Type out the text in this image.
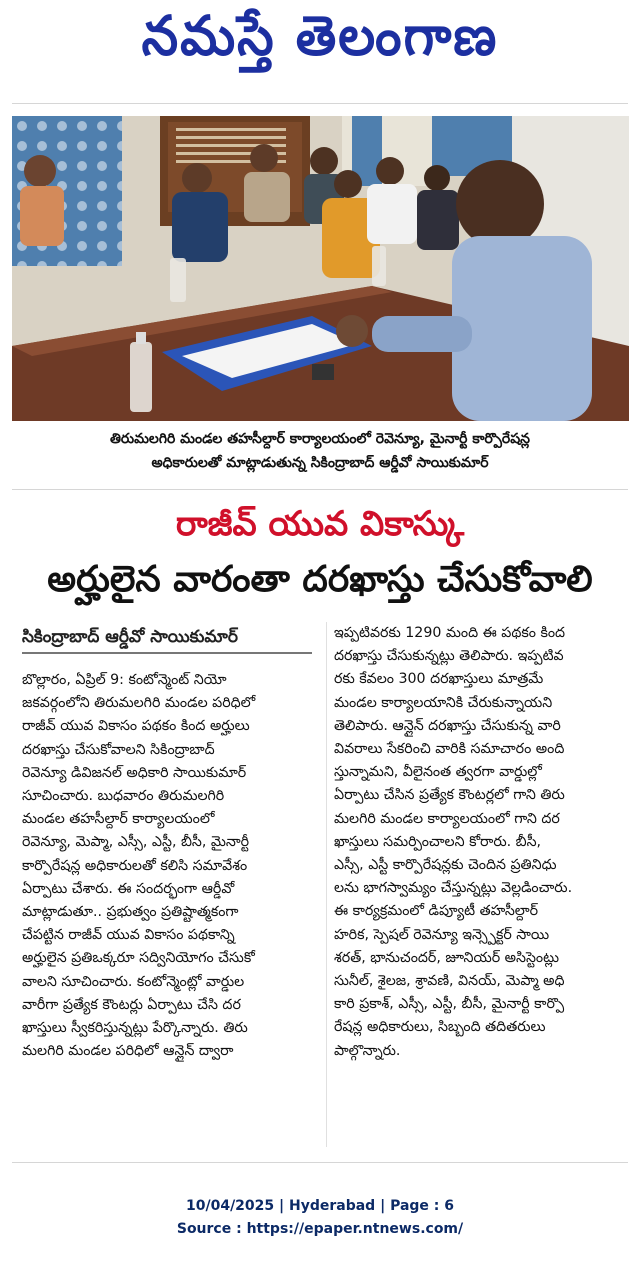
నమస్తే తెలంగాణ
తిరుమలగిరి మండల తహసీల్దార్ కార్యాలయంలో రెవెన్యూ, మైనార్టీ కార్పొరేషన్ల
అధికారులతో మాట్లాడుతున్న సికింద్రాబాద్ ఆర్డీవో సాయికుమార్
రాజీవ్ యువ వికాస్
అర్హులైన వారంతా దరఖాస్తు చేసుకోవాలి
సికింద్రాబాద్ ఆర్డీవో సాయికుమార్

బొల్లారం, ఏప్రిల్ 9: కంటోన్మెంట్ నియో

జకవర్గంలోని తిరుమలగిరి మండల పరిధిలో

రాజీవ్ యువ వికాసం పథకం కింద అర్హులు

దరఖాస్తు చేసుకోవాలని సికింద్రాబాద్

రెవెన్యూ డివిజనల్ అధికారి సాయికుమార్

సూచించారు. బుధవారం తిరుమలగిరి

మండల తహసీల్దార్ కార్యాలయంలో

రెవెన్యూ, మెప్మా, ఎస్సీ, ఎస్టీ, బీసీ, మైనార్టీ

కార్పొరేషన్ల అధికారులతో కలిసి సమావేశం

ఏర్పాటు చేశారు. ఈ సందర్భంగా ఆర్డీవో

మాట్లాడుతూ.. ప్రభుత్వం ప్రతిష్టాత్మకంగా

చేపట్టిన రాజీవ్ యువ వికాసం పథకాన్ని

అర్హులైన ప్రతిఒక్కరూ సద్వినియోగం చేసుకో

వాలని సూచించారు. కంటోన్మెంట్లో వార్డుల

వారీగా ప్రత్యేక కౌంటర్లు ఏర్పాటు చేసి దర

ఖాస్తులు స్వీకరిస్తున్నట్లు పేర్కొన్నారు. తిరు

మలగిరి మండల పరిధిలో ఆన్లైన్ ద్వారా

ఇప్పటివరకు 1290 మంది ఈ పథకం కింద

దరఖాస్తు చేసుకున్నట్లు తెలిపారు. ఇప్పటివ

రకు కేవలం 300 దరఖాస్తులు మాత్రమే

మండల కార్యాలయానికి చేరుకున్నాయని

తెలిపారు. ఆన్లైన్ దరఖాస్తు చేసుకున్న వారి

వివరాలు సేకరించి వారికి సమాచారం అంది

స్తున్నామని, వీలైనంత త్వరగా వార్డుల్లో

ఏర్పాటు చేసిన ప్రత్యేక కౌంటర్లలో గాని తిరు

మలగిరి మండల కార్యాలయంలో గాని దర

ఖాస్తులు సమర్పించాలని కోరారు. బీసీ,

ఎస్సీ, ఎస్టీ కార్పొరేషన్లకు చెందిన ప్రతినిధు

లను భాగస్వామ్యం చేస్తున్నట్లు వెల్లడించారు.

ఈ కార్యక్రమంలో డిప్యూటీ తహసీల్దార్

హరిక, స్పెషల్ రెవెన్యూ ఇన్స్పెక్టర్ సాయి

శరత్, భానుచందర్, జూనియర్ అసిస్టెంట్లు

సునీల్, శైలజ, శ్రావణి, వినయ్, మెప్మా అధి

కారి ప్రకాశ్, ఎస్సీ, ఎస్టీ, బీసీ, మైనార్టీ కార్పొ

రేషన్ల అధికారులు, సిబ్బంది తదితరులు

పాల్గొన్నారు.

10/04/2025 | Hyderabad | Page : 6
Source : https://epaper.ntnews.com/
